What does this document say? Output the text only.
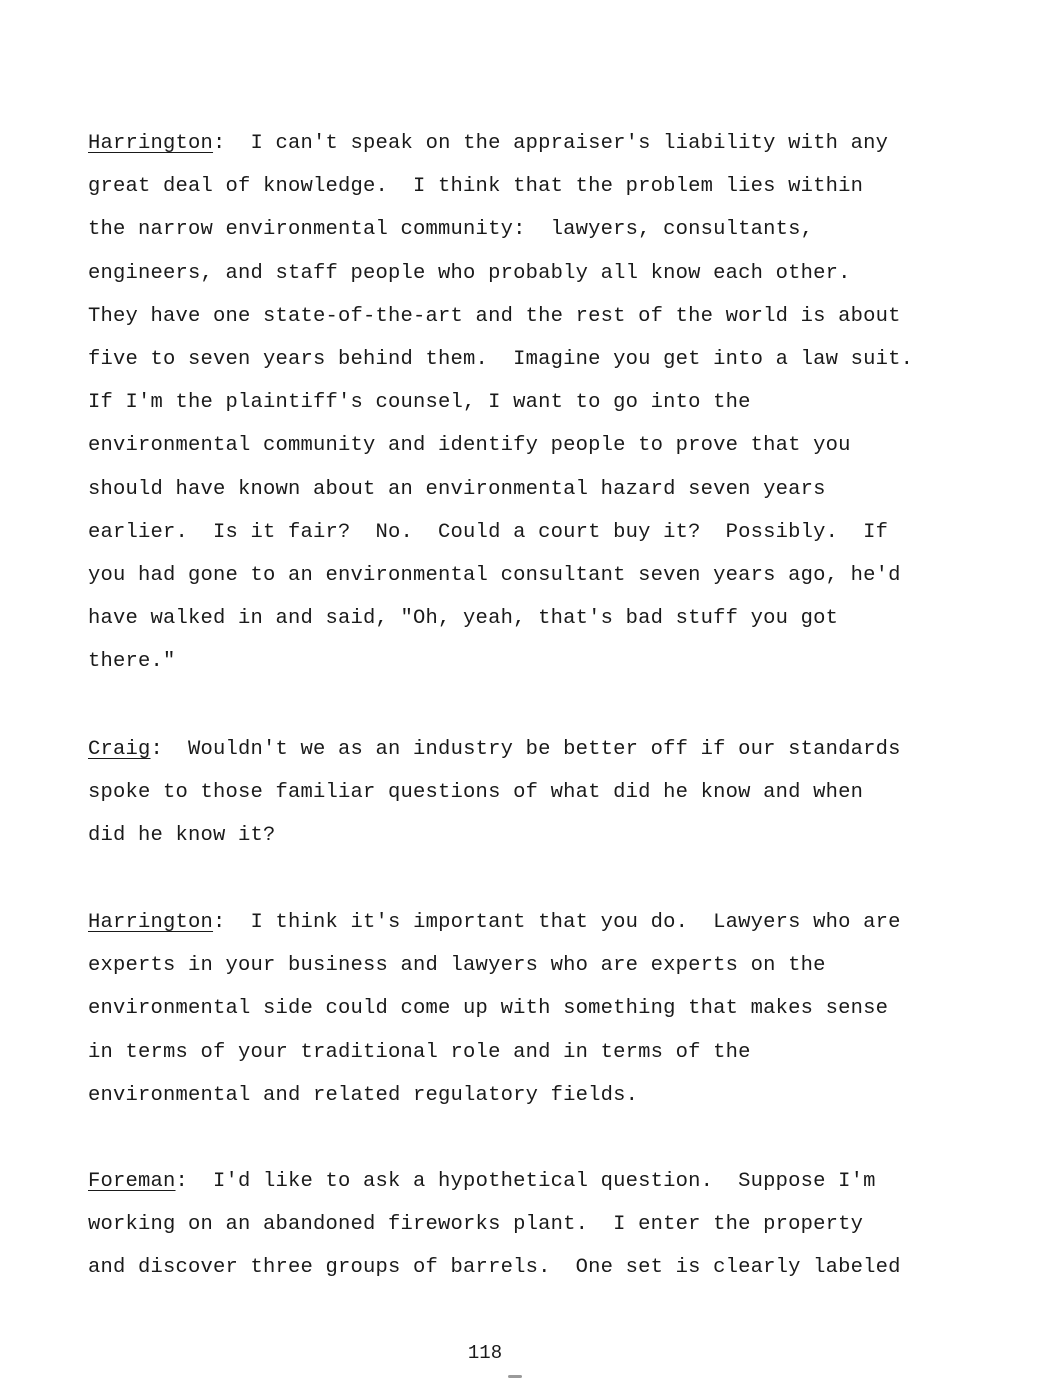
Harrington:  I can't speak on the appraiser's liability with any
great deal of knowledge.  I think that the problem lies within
the narrow environmental community:  lawyers, consultants,
engineers, and staff people who probably all know each other.
They have one state-of-the-art and the rest of the world is about
five to seven years behind them.  Imagine you get into a law suit.
If I'm the plaintiff's counsel, I want to go into the
environmental community and identify people to prove that you
should have known about an environmental hazard seven years
earlier.  Is it fair?  No.  Could a court buy it?  Possibly.  If
you had gone to an environmental consultant seven years ago, he'd
have walked in and said, "Oh, yeah, that's bad stuff you got
there."
Craig:  Wouldn't we as an industry be better off if our standards
spoke to those familiar questions of what did he know and when
did he know it?
Harrington:  I think it's important that you do.  Lawyers who are
experts in your business and lawyers who are experts on the
environmental side could come up with something that makes sense
in terms of your traditional role and in terms of the
environmental and related regulatory fields.
Foreman:  I'd like to ask a hypothetical question.  Suppose I'm
working on an abandoned fireworks plant.  I enter the property
and discover three groups of barrels.  One set is clearly labeled
118
